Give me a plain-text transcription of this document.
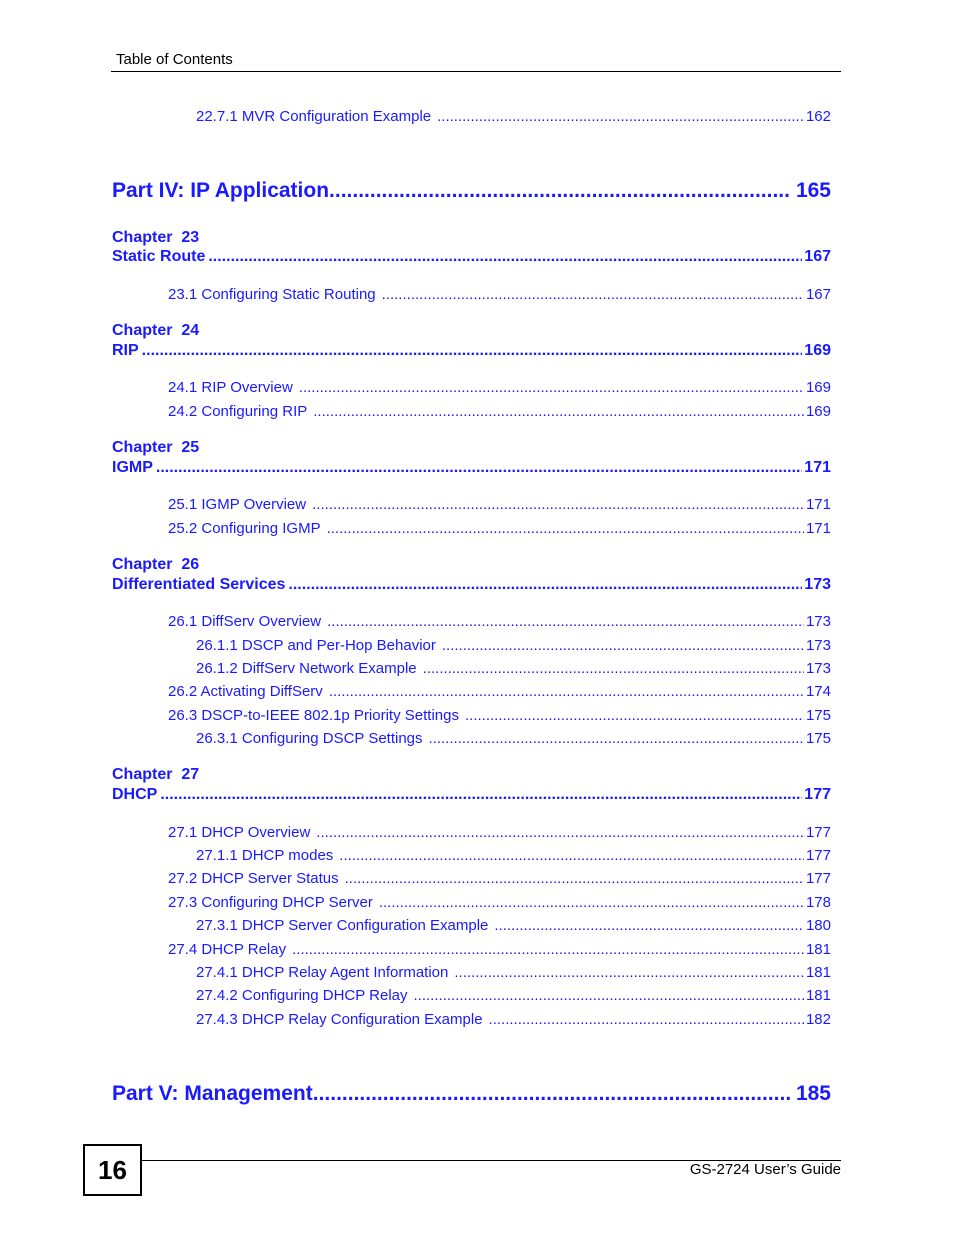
Table of Contents
22.7.1 MVR Configuration Example .....	162
Part IV: IP Application .....	165
Chapter  23
Static Route .....	167
23.1 Configuring Static Routing .....	167
Chapter  24
RIP .....	169
24.1 RIP Overview .....	169
24.2 Configuring RIP .....	169
Chapter  25
IGMP .....	171
25.1 IGMP Overview .....	171
25.2 Configuring IGMP .....	171
Chapter  26
Differentiated Services .....	173
26.1 DiffServ Overview .....	173
26.1.1 DSCP and Per-Hop Behavior .....	173
26.1.2 DiffServ Network Example .....	173
26.2 Activating DiffServ .....	174
26.3 DSCP-to-IEEE 802.1p Priority Settings .....	175
26.3.1 Configuring DSCP Settings .....	175
Chapter  27
DHCP .....	177
27.1 DHCP Overview .....	177
27.1.1 DHCP modes .....	177
27.2 DHCP Server Status .....	177
27.3 Configuring DHCP Server .....	178
27.3.1 DHCP Server Configuration Example .....	180
27.4 DHCP Relay .....	181
27.4.1 DHCP Relay Agent Information .....	181
27.4.2 Configuring DHCP Relay .....	181
27.4.3 DHCP Relay Configuration Example .....	182
Part V: Management .....	185
16	GS-2724 User’s Guide
